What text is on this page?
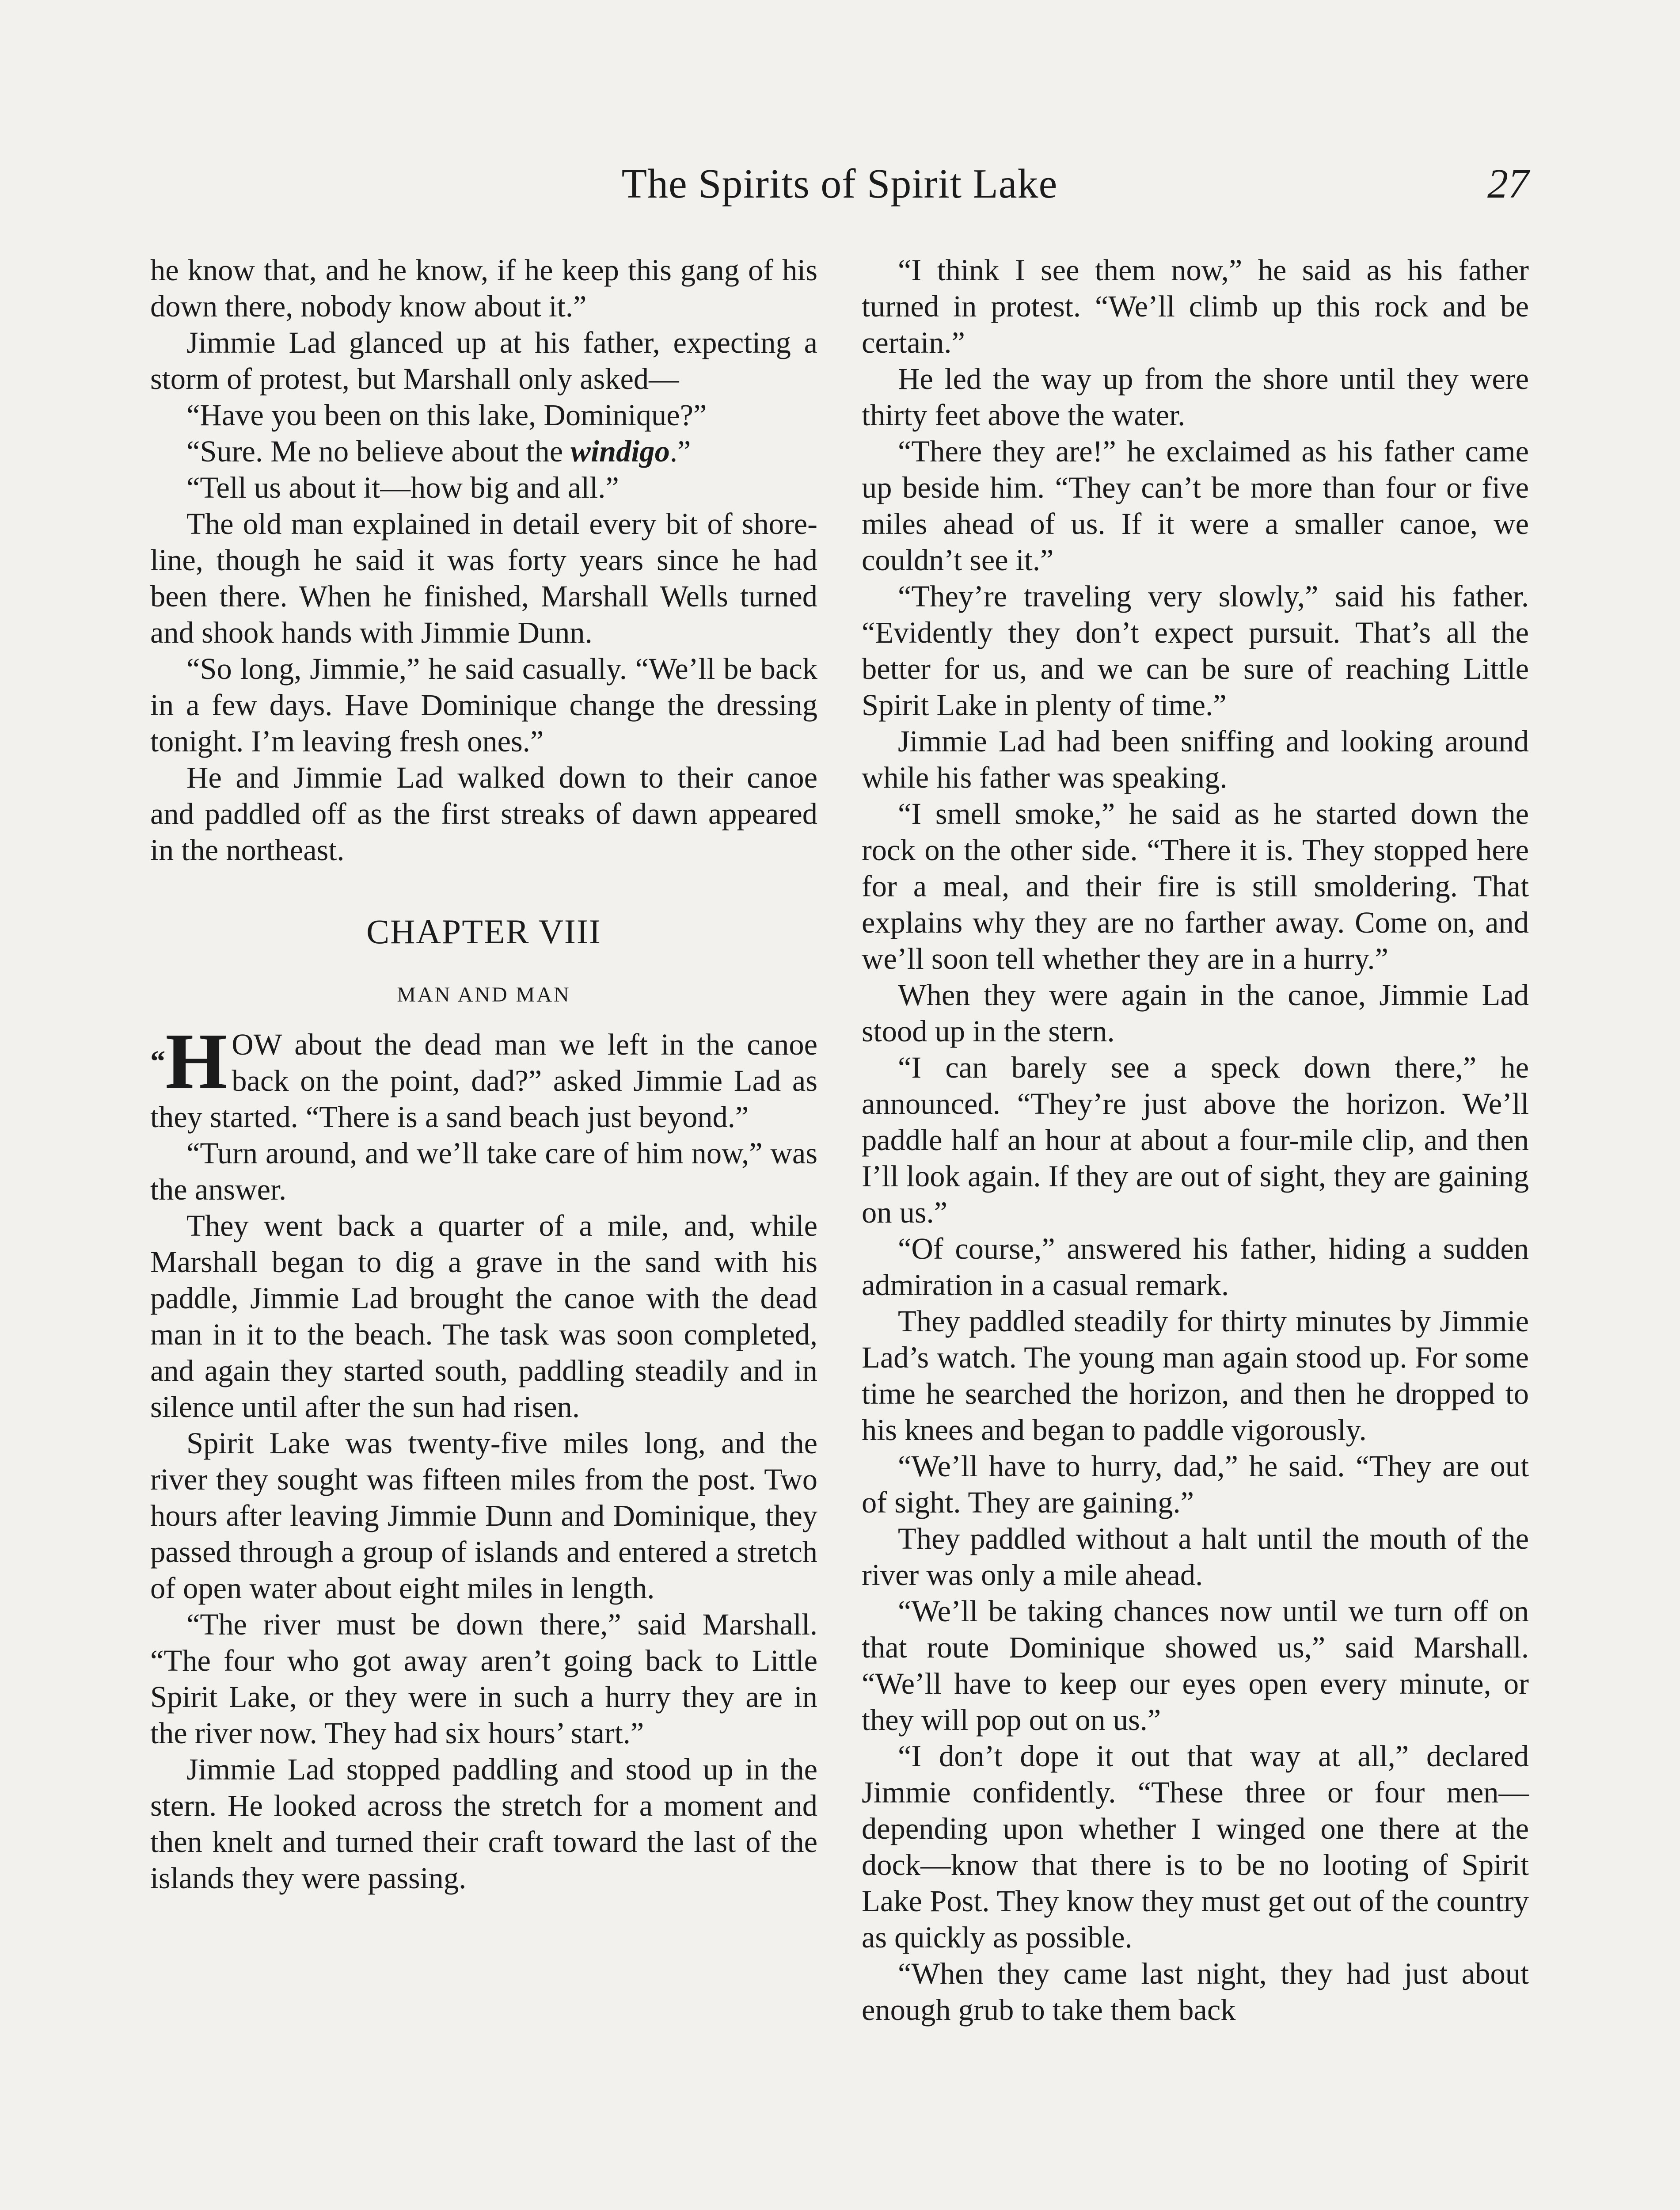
The Spirits of Spirit Lake	27

he know that, and he know, if he keep this gang of his down there, nobody know about it.”

Jimmie Lad glanced up at his father, expecting a storm of protest, but Marshall only asked—

“Have you been on this lake, Dominique?”

“Sure. Me no believe about the windigo.”

“Tell us about it—how big and all.”

The old man explained in detail every bit of shore-line, though he said it was forty years since he had been there. When he finished, Marshall Wells turned and shook hands with Jimmie Dunn.

“So long, Jimmie,” he said casually. “We’ll be back in a few days. Have Dominique change the dressing tonight. I’m leaving fresh ones.”

He and Jimmie Lad walked down to their canoe and paddled off as the first streaks of dawn appeared in the northeast.

CHAPTER VIII
MAN AND MAN

“H OW about the dead man we left in the canoe back on the point, dad?” asked Jimmie Lad as they started. “There is a sand beach just beyond.”

“Turn around, and we’ll take care of him now,” was the answer.

They went back a quarter of a mile, and, while Marshall began to dig a grave in the sand with his paddle, Jimmie Lad brought the canoe with the dead man in it to the beach. The task was soon completed, and again they started south, paddling steadily and in silence until after the sun had risen.

Spirit Lake was twenty-five miles long, and the river they sought was fifteen miles from the post. Two hours after leaving Jimmie Dunn and Dominique, they passed through a group of islands and entered a stretch of open water about eight miles in length.

“The river must be down there,” said Marshall. “The four who got away aren’t going back to Little Spirit Lake, or they were in such a hurry they are in the river now. They had six hours’ start.”

Jimmie Lad stopped paddling and stood up in the stern. He looked across the stretch for a moment and then knelt and turned their craft toward the last of the islands they were passing.

“I think I see them now,” he said as his father turned in protest. “We’ll climb up this rock and be certain.”

He led the way up from the shore until they were thirty feet above the water.

“There they are!” he exclaimed as his father came up beside him. “They can’t be more than four or five miles ahead of us. If it were a smaller canoe, we couldn’t see it.”

“They’re traveling very slowly,” said his father. “Evidently they don’t expect pursuit. That’s all the better for us, and we can be sure of reaching Little Spirit Lake in plenty of time.”

Jimmie Lad had been sniffing and looking around while his father was speaking.

“I smell smoke,” he said as he started down the rock on the other side. “There it is. They stopped here for a meal, and their fire is still smoldering. That explains why they are no farther away. Come on, and we’ll soon tell whether they are in a hurry.”

When they were again in the canoe, Jimmie Lad stood up in the stern.

“I can barely see a speck down there,” he announced. “They’re just above the horizon. We’ll paddle half an hour at about a four-mile clip, and then I’ll look again. If they are out of sight, they are gaining on us.”

“Of course,” answered his father, hiding a sudden admiration in a casual remark.

They paddled steadily for thirty minutes by Jimmie Lad’s watch. The young man again stood up. For some time he searched the horizon, and then he dropped to his knees and began to paddle vigorously.

“We’ll have to hurry, dad,” he said. “They are out of sight. They are gaining.”

They paddled without a halt until the mouth of the river was only a mile ahead.

“We’ll be taking chances now until we turn off on that route Dominique showed us,” said Marshall. “We’ll have to keep our eyes open every minute, or they will pop out on us.”

“I don’t dope it out that way at all,” declared Jimmie confidently. “These three or four men—depending upon whether I winged one there at the dock—know that there is to be no looting of Spirit Lake Post. They know they must get out of the country as quickly as possible.

“When they came last night, they had just about enough grub to take them back
